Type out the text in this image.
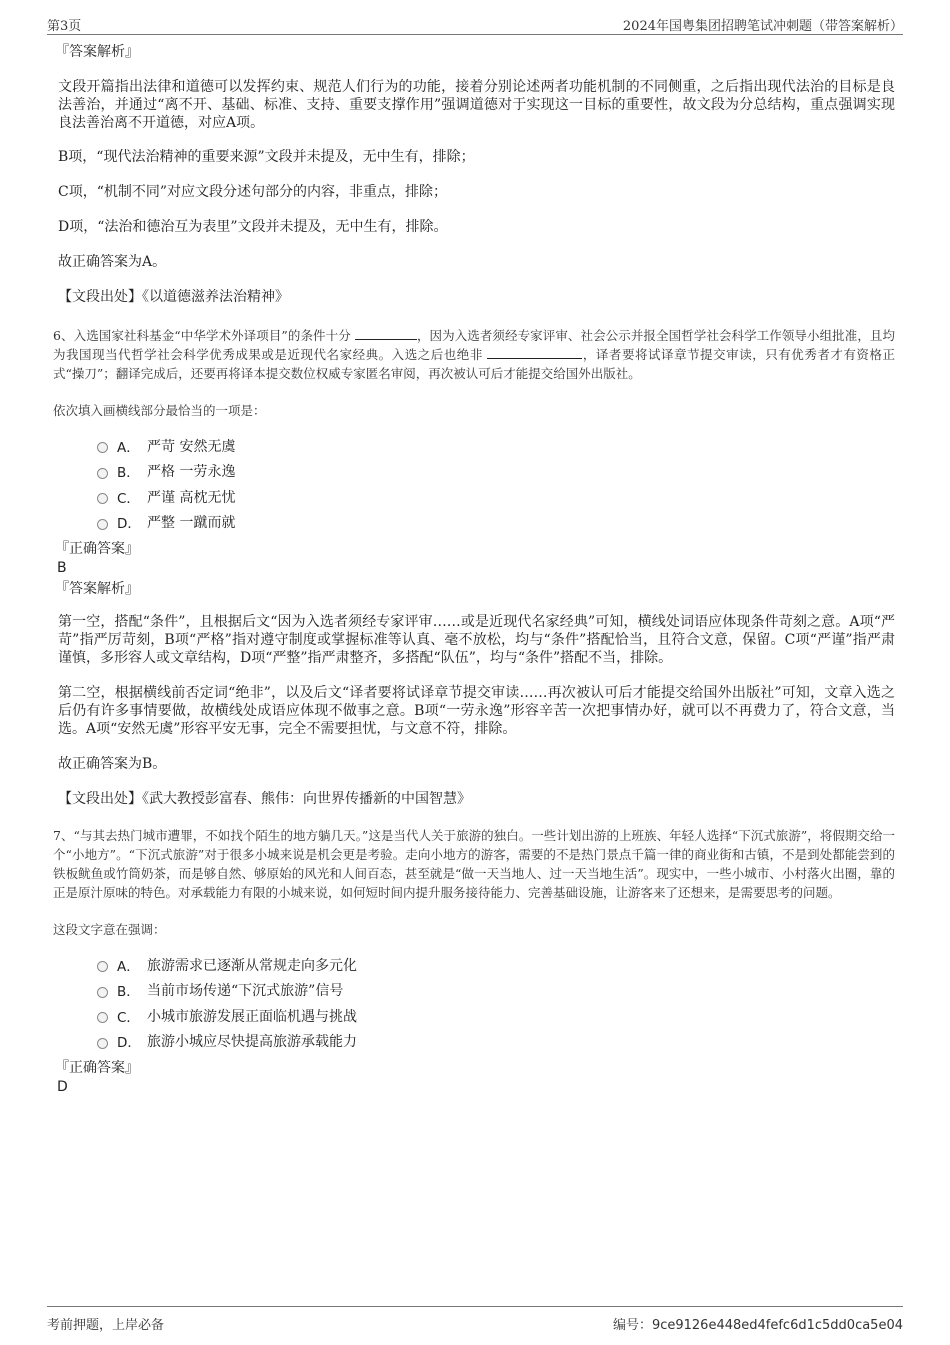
第3页	2024年国粤集团招聘笔试冲刺题（带答案解析）
『答案解析』

文段开篇指出法律和道德可以发挥约束、规范人们行为的功能，接着分别论述两者功能机制的不同侧重，之后指出现代法治的目标是良法善治，并通过“离不开、基础、标准、支持、重要支撑作用”强调道德对于实现这一目标的重要性，故文段为分总结构，重点强调实现良法善治离不开道德，对应A项。

B项，“现代法治精神的重要来源”文段并未提及，无中生有，排除；

C项，“机制不同”对应文段分述句部分的内容，非重点，排除；

D项，“法治和德治互为表里”文段并未提及，无中生有，排除。

故正确答案为A。

【文段出处】《以道德滋养法治精神》

6、入选国家社科基金“中华学术外译项目”的条件十分	，因为入选者须经专家评审、社会公示并报全国哲学社会科学工作领导小组批准，且均为我国现当代哲学社会科学优秀成果或是近现代名家经典。入选之后也绝非	，译者要将试译章节提交审读，只有优秀者才有资格正式“操刀”；翻译完成后，还要再将译本提交数位权威专家匿名审阅，再次被认可后才能提交给国外出版社。

依次填入画横线部分最恰当的一项是：

A． 严苛 安然无虞
B． 严格 一劳永逸
C． 严谨 高枕无忧
D． 严整 一蹴而就
『正确答案』
B
『答案解析』

第一空，搭配“条件”，且根据后文“因为入选者须经专家评审……或是近现代名家经典”可知，横线处词语应体现条件苛刻之意。A项“严苛”指严厉苛刻，B项“严格”指对遵守制度或掌握标准等认真、毫不放松，均与“条件”搭配恰当，且符合文意，保留。C项“严谨”指严肃谨慎，多形容人或文章结构，D项“严整”指严肃整齐，多搭配“队伍”，均与“条件”搭配不当，排除。

第二空，根据横线前否定词“绝非”，以及后文“译者要将试译章节提交审读……再次被认可后才能提交给国外出版社”可知，文章入选之后仍有许多事情要做，故横线处成语应体现不做事之意。B项“一劳永逸”形容辛苦一次把事情办好，就可以不再费力了，符合文意，当选。A项“安然无虞”形容平安无事，完全不需要担忧，与文意不符，排除。

故正确答案为B。

【文段出处】《武大教授彭富春、熊伟：向世界传播新的中国智慧》

7、“与其去热门城市遭罪，不如找个陌生的地方躺几天。”这是当代人关于旅游的独白。一些计划出游的上班族、年轻人选择“下沉式旅游”，将假期交给一个“小地方”。“下沉式旅游”对于很多小城来说是机会更是考验。走向小地方的游客，需要的不是热门景点千篇一律的商业街和古镇，不是到处都能尝到的铁板鱿鱼或竹筒奶茶，而是够自然、够原始的风光和人间百态，甚至就是“做一天当地人、过一天当地生活”。现实中，一些小城市、小村落火出圈，靠的正是原汁原味的特色。对承载能力有限的小城来说，如何短时间内提升服务接待能力、完善基础设施，让游客来了还想来，是需要思考的问题。

这段文字意在强调：

A． 旅游需求已逐渐从常规走向多元化
B． 当前市场传递“下沉式旅游”信号
C． 小城市旅游发展正面临机遇与挑战
D． 旅游小城应尽快提高旅游承载能力
『正确答案』
D
考前押题，上岸必备	编号：9ce9126e448ed4fefc6d1c5dd0ca5e04
